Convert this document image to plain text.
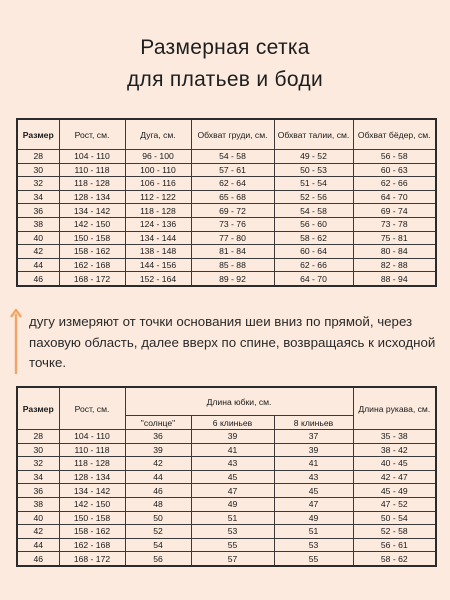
Размерная сетка
для платьев и боди
Размер	Рост, см.	Дуга, см.	Обхват груди, см.	Обхват талии, см.	Обхват бёдер, см.
28	104 - 110	96 - 100	54 - 58	49 - 52	56 - 58
30	110 - 118	100 - 110	57 - 61	50 - 53	60 - 63
32	118 - 128	106 - 116	62 - 64	51 - 54	62 - 66
34	128 - 134	112 - 122	65 - 68	52 - 56	64 - 70
36	134 - 142	118 - 128	69 - 72	54 - 58	69 - 74
38	142 - 150	124 - 136	73 - 76	56 - 60	73 - 78
40	150 - 158	134 - 144	77 - 80	58 - 62	75 - 81
42	158 - 162	138 - 148	81 - 84	60 - 64	80 - 84
44	162 - 168	144 - 156	85 - 88	62 - 66	82 - 88
46	168 - 172	152 - 164	89 - 92	64 - 70	88 - 94
дугу измеряют от точки основания шеи вниз по прямой, через паховую область, далее вверх по спине, возвращаясь к исходной точке.
Размер	Рост, см.	Длина юбки, см.			Длина рукава, см.
		"солнце"	6 клиньев	8 клиньев	
28	104 - 110	36	39	37	35 - 38
30	110 - 118	39	41	39	38 - 42
32	118 - 128	42	43	41	40 - 45
34	128 - 134	44	45	43	42 - 47
36	134 - 142	46	47	45	45 - 49
38	142 - 150	48	49	47	47 - 52
40	150 - 158	50	51	49	50 - 54
42	158 - 162	52	53	51	52 - 58
44	162 - 168	54	55	53	56 - 61
46	168 - 172	56	57	55	58 - 62
